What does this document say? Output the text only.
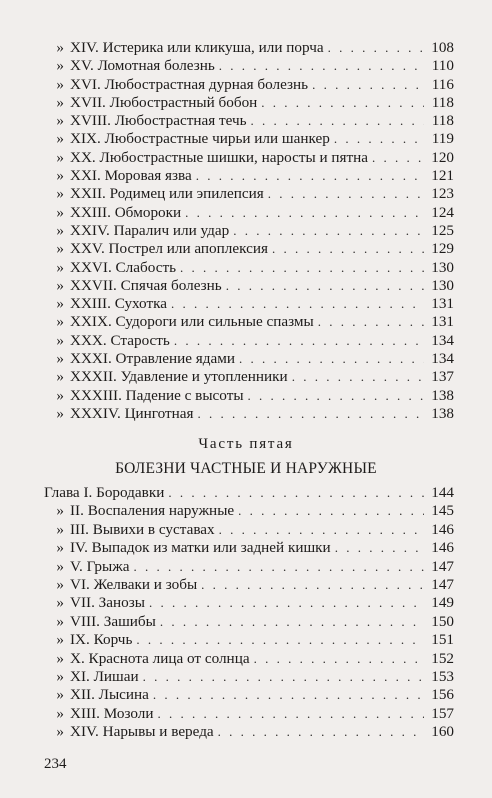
» XIV. Истерика или кликуша, или порча . . .	108
» XV. Ломотная болезнь . . .	110
» XVI. Любострастная дурная болезнь . . .	116
» XVII. Любострастный бобон . . .	118
» XVIII. Любострастная течь . . .	118
» XIX. Любострастные чирьи или шанкер . . .	119
» XX. Любострастные шишки, наросты и пятна . . .	120
» XXI. Моровая язва . . .	121
» XXII. Родимец или эпилепсия . . .	123
» XXIII. Обмороки . . .	124
» XXIV. Паралич или удар . . .	125
» XXV. Пострел или апоплексия . . .	129
» XXVI. Слабость . . .	130
» XXVII. Спячая болезнь . . .	130
» XXIII. Сухотка . . .	131
» XXIX. Судороги или сильные спазмы . . .	131
» XXX. Старость . . .	134
» XXXI. Отравление ядами . . .	134
» XXXII. Удавление и утопленники . . .	137
» XXXIII. Падение с высоты . . .	138
» XXXIV. Цинготная . . .	138
Часть пятая
БОЛЕЗНИ ЧАСТНЫЕ И НАРУЖНЫЕ
Глава I. Бородавки . . .	144
» II. Воспаления наружные . . .	145
» III. Вывихи в суставах . . .	146
» IV. Выпадок из матки или задней кишки . . .	146
» V. Грыжа . . .	147
» VI. Желваки и зобы . . .	147
» VII. Занозы . . .	149
» VIII. Зашибы . . .	150
» IX. Корчь . . .	151
» X. Краснота лица от солнца . . .	152
» XI. Лишаи . . .	153
» XII. Лысина . . .	156
» XIII. Мозоли . . .	157
» XIV. Нарывы и вереда . . .	160
234
